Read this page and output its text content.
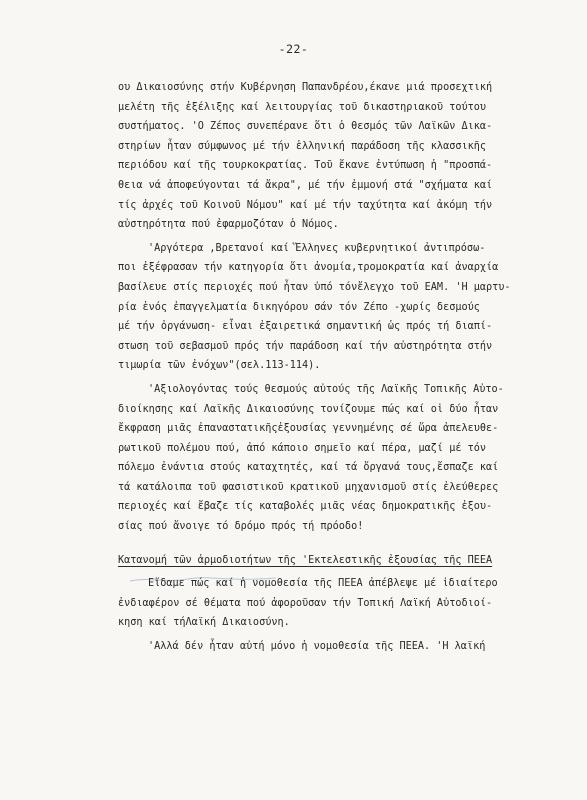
-22-
ου Δικαιοσύνης στήν Κυβέρνηση Παπανδρέου,έκανε μιά προσεχτική
μελέτη τῆς ἐξέλιξης καί λειτουργίας τοῦ δικαστηριακοῦ τούτου
συστήματος. 'Ο Ζέπος συνεπέρανε ὅτι ὁ θεσμός τῶν Λαϊκῶν Δικα-
στηρίων ἦταν σύμφωνος μέ τήν ἑλληνική παράδοση τῆς κλασσικῆς
περιόδου καί τῆς τουρκοκρατίας. Τοῦ ἔκανε ἐντύπωση ἡ "προσπά-
θεια νά ἀποφεύγονται τά ἄκρα", μέ τήν ἐμμονή στά "σχήματα καί
τίς ἀρχές τοῦ Κοινοῦ Νόμου" καί μέ τήν ταχύτητα καί ἀκόμη τήν
αὐστηρότητα πού ἐφαρμοζόταν ὁ Νόμος.
'Αργότερα ,Βρετανοί καί Ἕλληνες κυβερνητικοί ἀντιπρόσω-
ποι ἐξέφρασαν τήν κατηγορία ὅτι ἀνομία,τρομοκρατία καί ἀναρχία
βασίλευε στίς περιοχές πού ἦταν ὑπό τόνἔλεγχο τοῦ ΕΑΜ. 'Η μαρτυ-
ρία ἑνός ἐπαγγελματία δικηγόρου σάν τόν Ζέπο -χωρίς δεσμούς
μέ τήν ὀργάνωση- εἶναι ἐξαιρετικά σημαντική ὡς πρός τή διαπί-
στωση τοῦ σεβασμοῦ πρός τήν παράδοση καί τήν αὐστηρότητα στήν
τιμωρία τῶν ἐνόχων"(σελ.113-114).
'Αξιολογόντας τούς θεσμούς αὐτούς τῆς Λαϊκῆς Τοπικῆς Αὐτο-
διοίκησης καί Λαϊκῆς Δικαιοσύνης τονίζουμε πώς καί οἱ δύο ἦταν
ἔκφραση μιᾶς ἐπαναστατικῆςἐξουσίας γεννημένης σέ ὥρα ἀπελευθε-
ρωτικοῦ πολέμου πού, ἀπό κάποιο σημεῖο καί πέρα, μαζί μέ τόν
πόλεμο ἐνάντια στούς καταχτητές, καί τά ὄργανά τους,ἔσπαζε καί
τά κατάλοιπα τοῦ φασιστικοῦ κρατικοῦ μηχανισμοῦ στίς ἐλεύθερες
περιοχές καί ἔβαζε τίς καταβολές μιᾶς νέας δημοκρατικῆς ἐξου-
σίας πού ἄνοιγε τό δρόμο πρός τή πρόοδο!
Κατανομή τῶν ἁρμοδιοτήτων τῆς 'Εκτελεστικῆς ἐξουσίας τῆς ΠΕΕΑ
Εἴδαμε πώς καί ἡ νομοθεσία τῆς ΠΕΕΑ ἀπέβλεψε μέ ἰδιαίτερο
ἐνδιαφέρον σέ θέματα πού ἀφοροῦσαν τήν Τοπική Λαϊκή Αὐτοδιοί-
κηση καί τήΛαϊκή Δικαιοσύνη.
'Αλλά δέν ἦταν αὐτή μόνο ἡ νομοθεσία τῆς ΠΕΕΑ. 'Η λαϊκή
